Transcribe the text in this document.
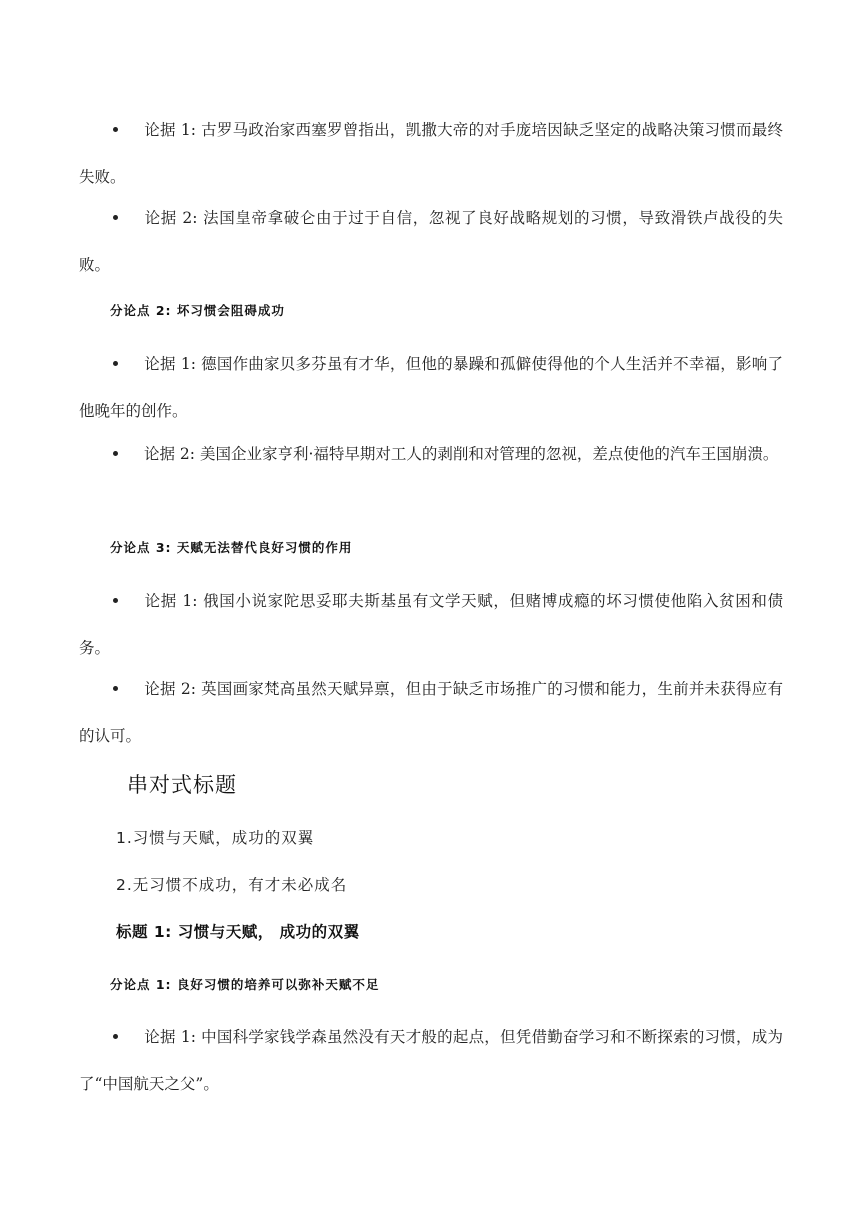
论据 1: 古罗马政治家西塞罗曾指出，凯撒大帝的对手庞培因缺乏坚定的战略决策习惯而最终失败。

论据 2: 法国皇帝拿破仑由于过于自信，忽视了良好战略规划的习惯，导致滑铁卢战役的失败。

分论点 2: 坏习惯会阻碍成功

论据 1: 德国作曲家贝多芬虽有才华，但他的暴躁和孤僻使得他的个人生活并不幸福，影响了他晚年的创作。

论据 2: 美国企业家亨利·福特早期对工人的剥削和对管理的忽视，差点使他的汽车王国崩溃。

分论点 3: 天赋无法替代良好习惯的作用

论据 1: 俄国小说家陀思妥耶夫斯基虽有文学天赋，但赌博成瘾的坏习惯使他陷入贫困和债务。

论据 2: 英国画家梵高虽然天赋异禀，但由于缺乏市场推广的习惯和能力，生前并未获得应有的认可。

串对式标题

1.习惯与天赋，成功的双翼

2.无习惯不成功，有才未必成名

标题 1: 习惯与天赋， 成功的双翼

分论点 1: 良好习惯的培养可以弥补天赋不足

论据 1: 中国科学家钱学森虽然没有天才般的起点，但凭借勤奋学习和不断探索的习惯，成为了“中国航天之父”。
